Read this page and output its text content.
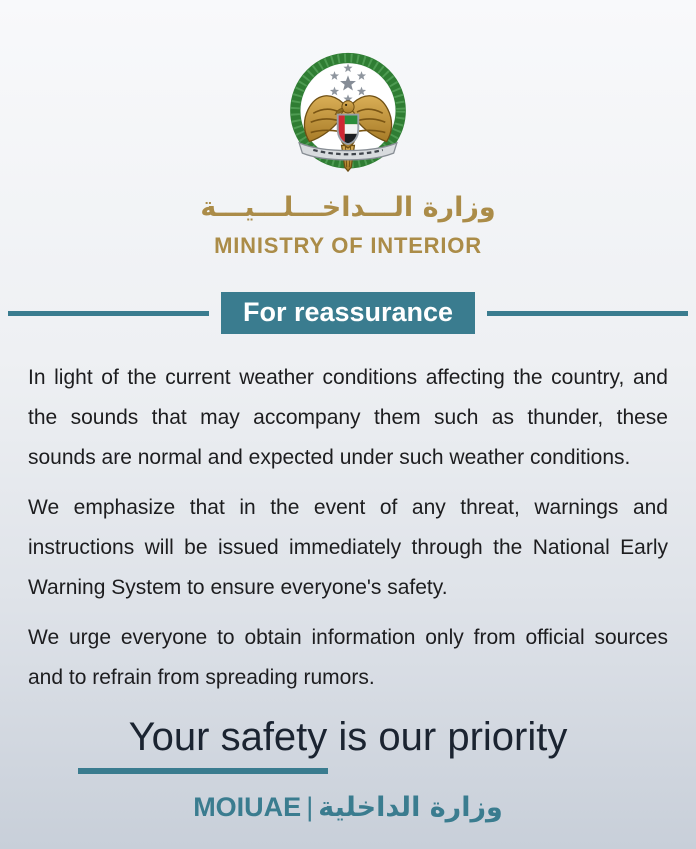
وزارة الـــداخـــلـــيـــة
MINISTRY OF INTERIOR
For reassurance

In light of the current weather conditions affecting the country, and the sounds that may accompany them such as thunder, these sounds are normal and expected under such weather conditions.

We emphasize that in the event of any threat, warnings and instructions will be issued immediately through the National Early Warning System to ensure everyone's safety.

We urge everyone to obtain information only from official sources and to refrain from spreading rumors.

Your safety is our priority
MOIUAE | وزارة الداخلية
